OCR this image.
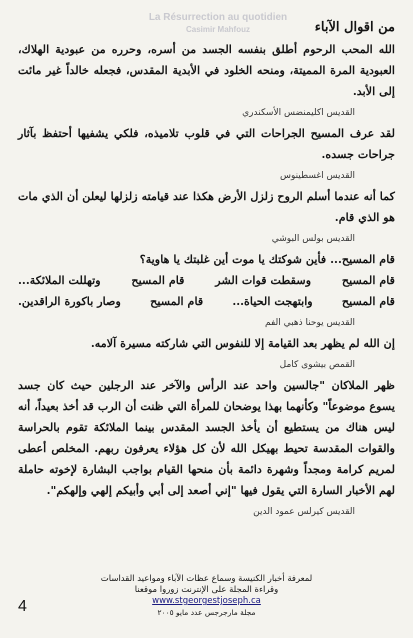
La Résurrection au quotidien
Casimir Mahfouz	من اقوال الآباء

الله المحب الرحوم أطلق بنفسه الجسد من أسره، وحرره من عبودية الهلاك، العبودية المرة المميتة، ومنحه الخلود في الأبدية المقدس، فجعله خالداً غير مائت إلى الأبد.

القديس اكليمنضس الأسكندري

لقد عرف المسيح الجراحات التي في قلوب تلاميذه، فلكي يشفيها أحتفظ بآثار جراحات جسده.

القديس اغسطينوس

كما أنه عندما أسلم الروح زلزل الأرض هكذا عند قيامته زلزلها ليعلن أن الذي مات هو الذي قام.

القديس بولس البوشي

قام المسيح... فأين شوكتك يا موت أين غلبتك يا هاوية؟

قام المسيح
وسقطت قوات الشر
قام المسيح
وتهللت الملائكة...
قام المسيح
وابتهجت الحياة...
قام المسيح
وصار باكورة الراقدين.
القديس يوحنا ذهبي الفم

إن الله لم يظهر بعد القيامة إلا للنفوس التي شاركته مسيرة آلامه.

القمص بيشوى كامل

ظهر الملاكان "جالسين واحد عند الرأس والآخر عند الرجلين حيث كان جسد يسوع موضوعاً" وكأنهما بهذا يوضحان للمرأة التي ظنت أن الرب قد أخذ بعيداً، أنه ليس هناك من يستطيع أن يأخذ الجسد المقدس بينما الملائكة تقوم بالحراسة والقوات المقدسة تحيط بهيكل الله لأن كل هؤلاء يعرفون ربهم. المخلص أعطى لمريم كرامة ومجداً وشهرة دائمة بأن منحها القيام بواجب البشارة لإخوته حاملة لهم الأخبار السارة التي يقول فيها "إني أصعد إلى أبي وأبيكم إلهي وإلهكم".

القديس كيرلس عمود الدين
لمعرفة أخبار الكنيسة وسماع عظات الآباء ومواعيد القداسات
وقراءة المجلة على الإنترنت زوروا موقعنا
www.stgeorgestjoseph.ca
مجلة مارجرجس عدد مايو ٢٠٠٥
4
